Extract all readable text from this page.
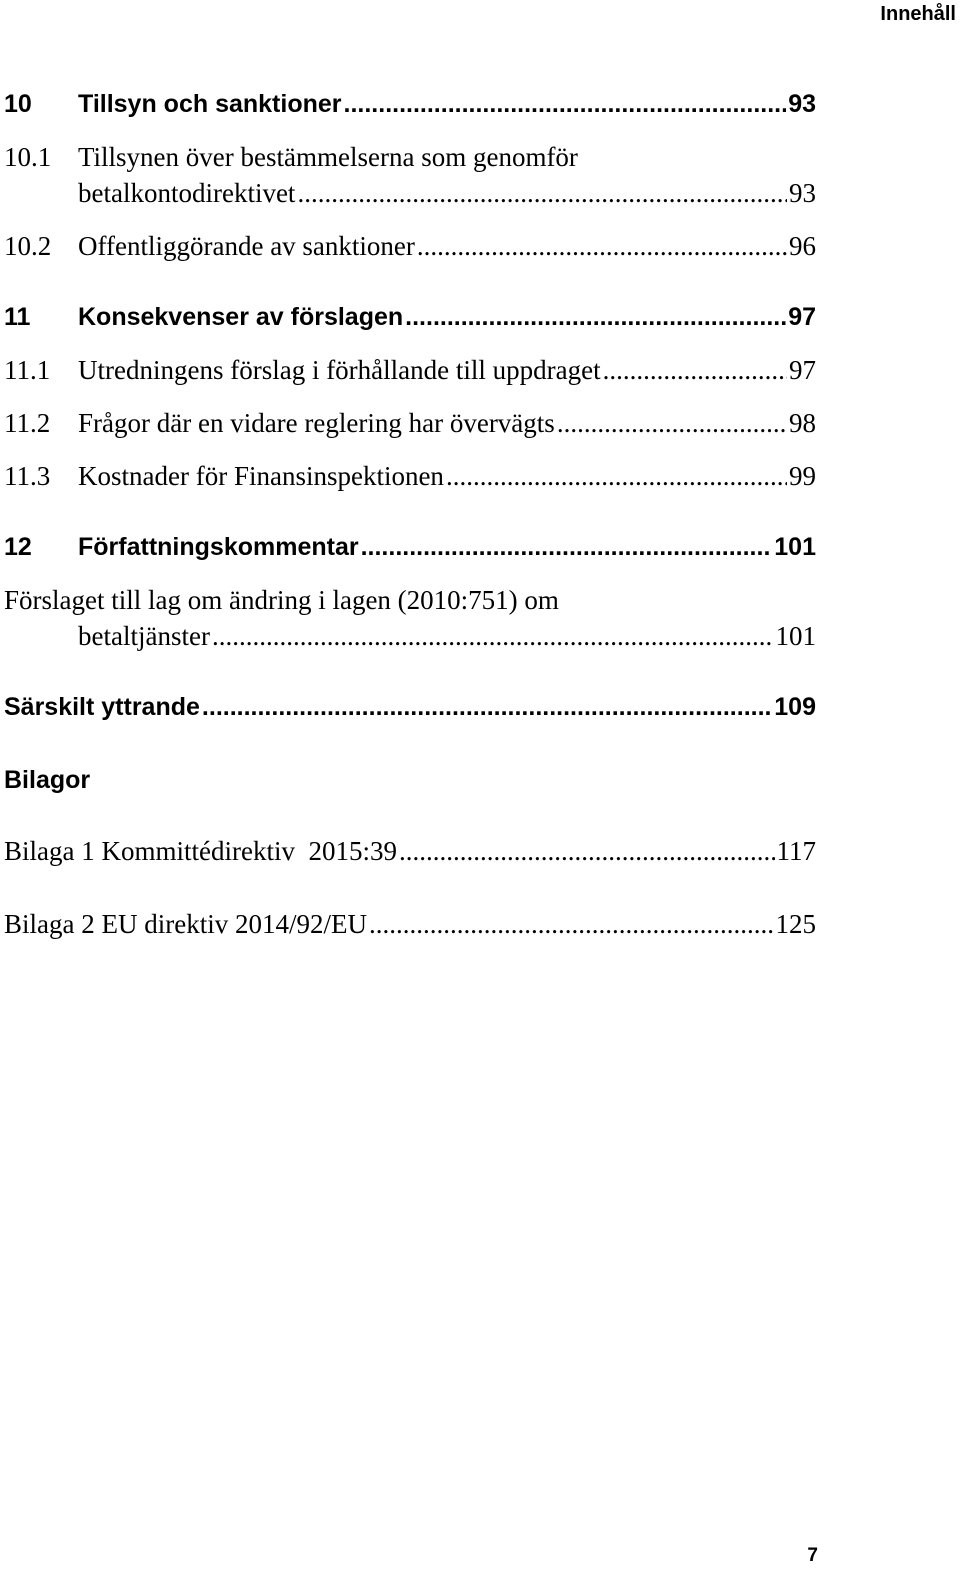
Innehåll
10	Tillsyn och sanktioner .....	93
10.1 Tillsynen över bestämmelserna som genomför
betalkontodirektivet .....	93
10.2 Offentliggörande av sanktioner .....	96
11	Konsekvenser av förslagen .....	97
11.1	Utredningens förslag i förhållande till uppdraget .....	97
11.2	Frågor där en vidare reglering har övervägts .....	98
11.3	Kostnader för Finansinspektionen .....	99
12	Författningskommentar .....	101
Förslaget till lag om ändring i lagen (2010:751) om
betaltjänster .....	101
Särskilt yttrande .....	109
Bilagor
Bilaga 1 Kommittédirektiv  2015:39 .....	117
Bilaga 2 EU direktiv 2014/92/EU .....	125
7
